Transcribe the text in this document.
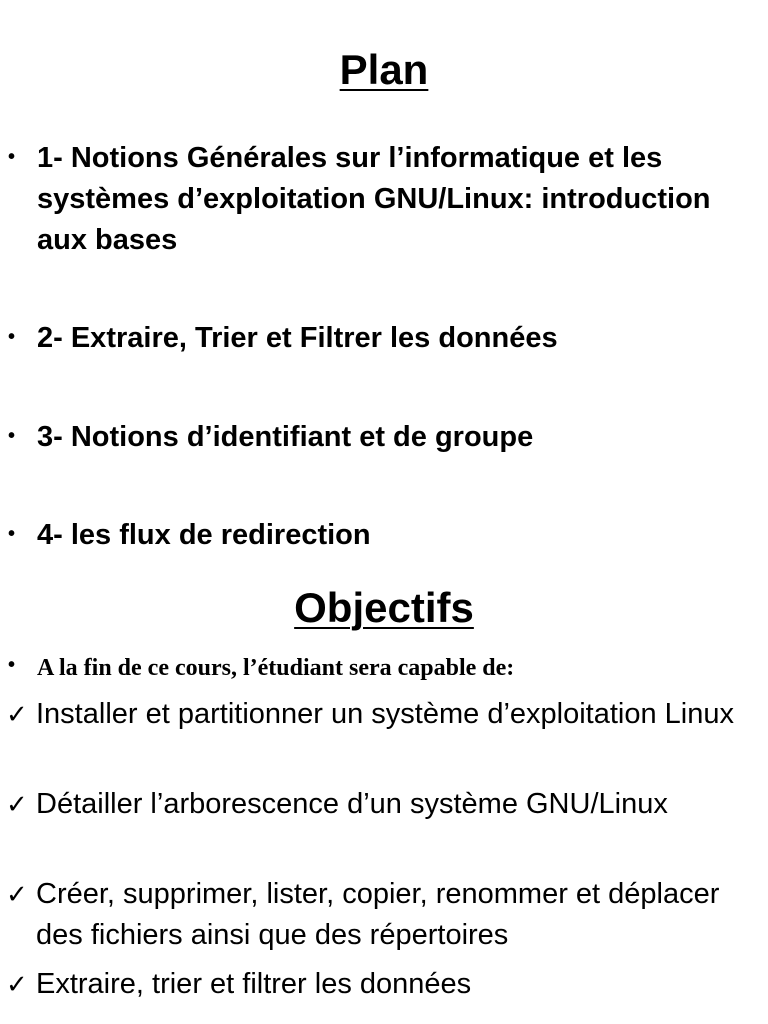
Plan
• 1- Notions Générales sur l’informatique et les systèmes d’exploitation GNU/Linux: introduction aux bases
• 2- Extraire, Trier et Filtrer les données
• 3- Notions d’identifiant et de groupe
• 4- les flux de redirection
Objectifs
• A la fin de ce cours, l’étudiant sera capable de:
✓ Installer et partitionner un système d’exploitation Linux
✓ Détailler l’arborescence d’un système GNU/Linux
✓ Créer, supprimer, lister, copier, renommer et déplacer des fichiers ainsi que des répertoires
✓ Extraire, trier et filtrer les données
